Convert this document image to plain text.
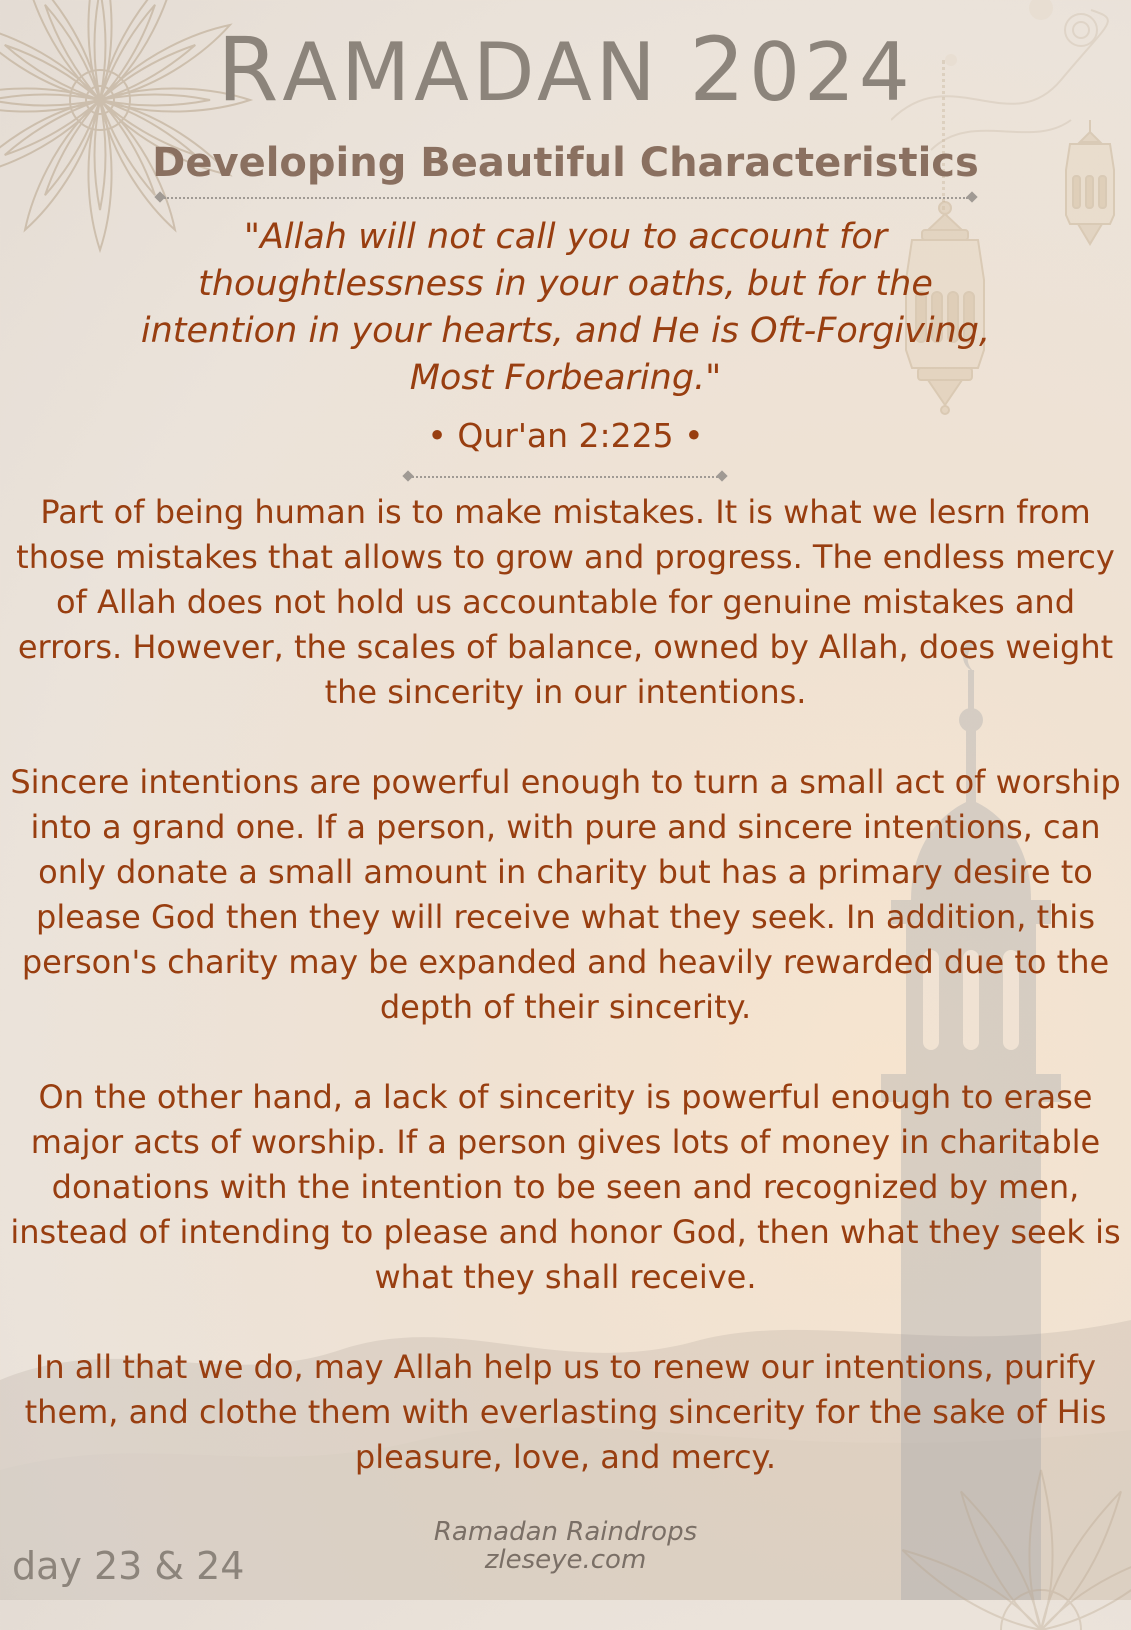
RAMADAN 2024
Developing Beautiful Characteristics

"Allah will not call you to account for thoughtlessness in your oaths, but for the intention in your hearts, and He is Oft-Forgiving, Most Forbearing."

• Qur'an 2:225 •

Part of being human is to make mistakes. It is what we lesrn from those mistakes that allows to grow and progress. The endless mercy of Allah does not hold us accountable for genuine mistakes and errors. However, the scales of balance, owned by Allah, does weight the sincerity in our intentions.

Sincere intentions are powerful enough to turn a small act of worship into a grand one. If a person, with pure and sincere intentions, can only donate a small amount in charity but has a primary desire to please God then they will receive what they seek. In addition, this person's charity may be expanded and heavily rewarded due to the depth of their sincerity.

On the other hand, a lack of sincerity is powerful enough to erase major acts of worship. If a person gives lots of money in charitable donations with the intention to be seen and recognized by men, instead of intending to please and honor God, then what they seek is what they shall receive.

In all that we do, may Allah help us to renew our intentions, purify them, and clothe them with everlasting sincerity for the sake of His pleasure, love, and mercy.

Ramadan Raindrops
zleseye.com
day 23 & 24
